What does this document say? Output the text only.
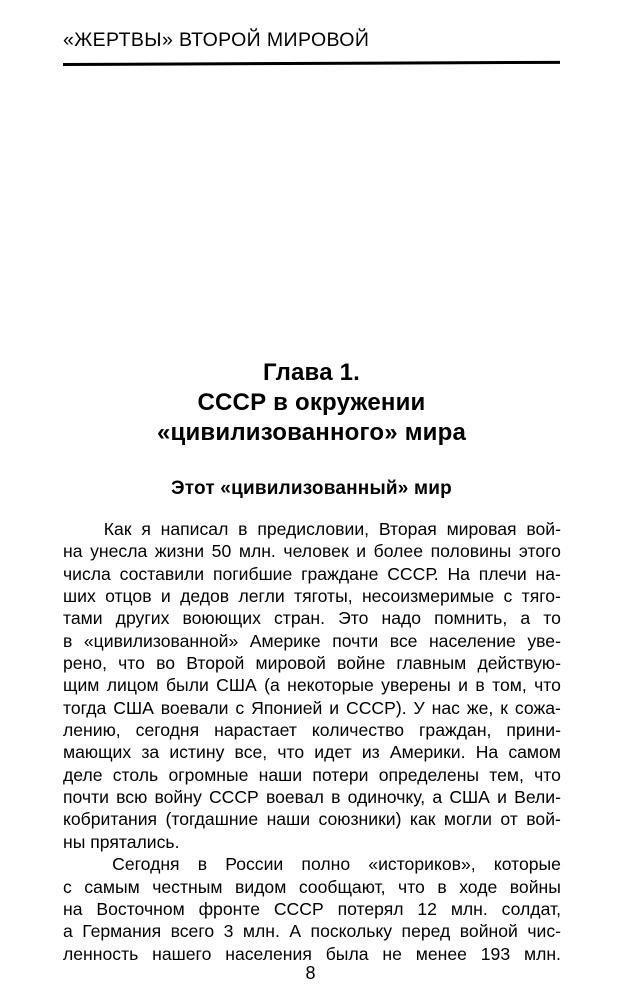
«ЖЕРТВЫ» ВТОРОЙ МИРОВОЙ
Глава 1.
СССР в окружении
«цивилизованного» мира
Этот «цивилизованный» мир
Как я написал в предисловии, Вторая мировая вой-
на унесла жизни 50 млн. человек и более половины этого
числа составили погибшие граждане СССР. На плечи на-
ших отцов и дедов легли тяготы, несоизмеримые с тяго-
тами других воюющих стран. Это надо помнить, а то
в «цивилизованной» Америке почти все население уве-
рено, что во Второй мировой войне главным действую-
щим лицом были США (а некоторые уверены и в том, что
тогда США воевали с Японией и СССР). У нас же, к сожа-
лению, сегодня нарастает количество граждан, прини-
мающих за истину все, что идет из Америки. На самом
деле столь огромные наши потери определены тем, что
почти всю войну СССР воевал в одиночку, а США и Вели-
кобритания (тогдашние наши союзники) как могли от вой-
ны прятались.
Сегодня в России полно «историков», которые
с самым честным видом сообщают, что в ходе войны
на Восточном фронте СССР потерял 12 млн. солдат,
а Германия всего 3 млн. А поскольку перед войной чис-
ленность нашего населения была не менее 193 млн.
8
